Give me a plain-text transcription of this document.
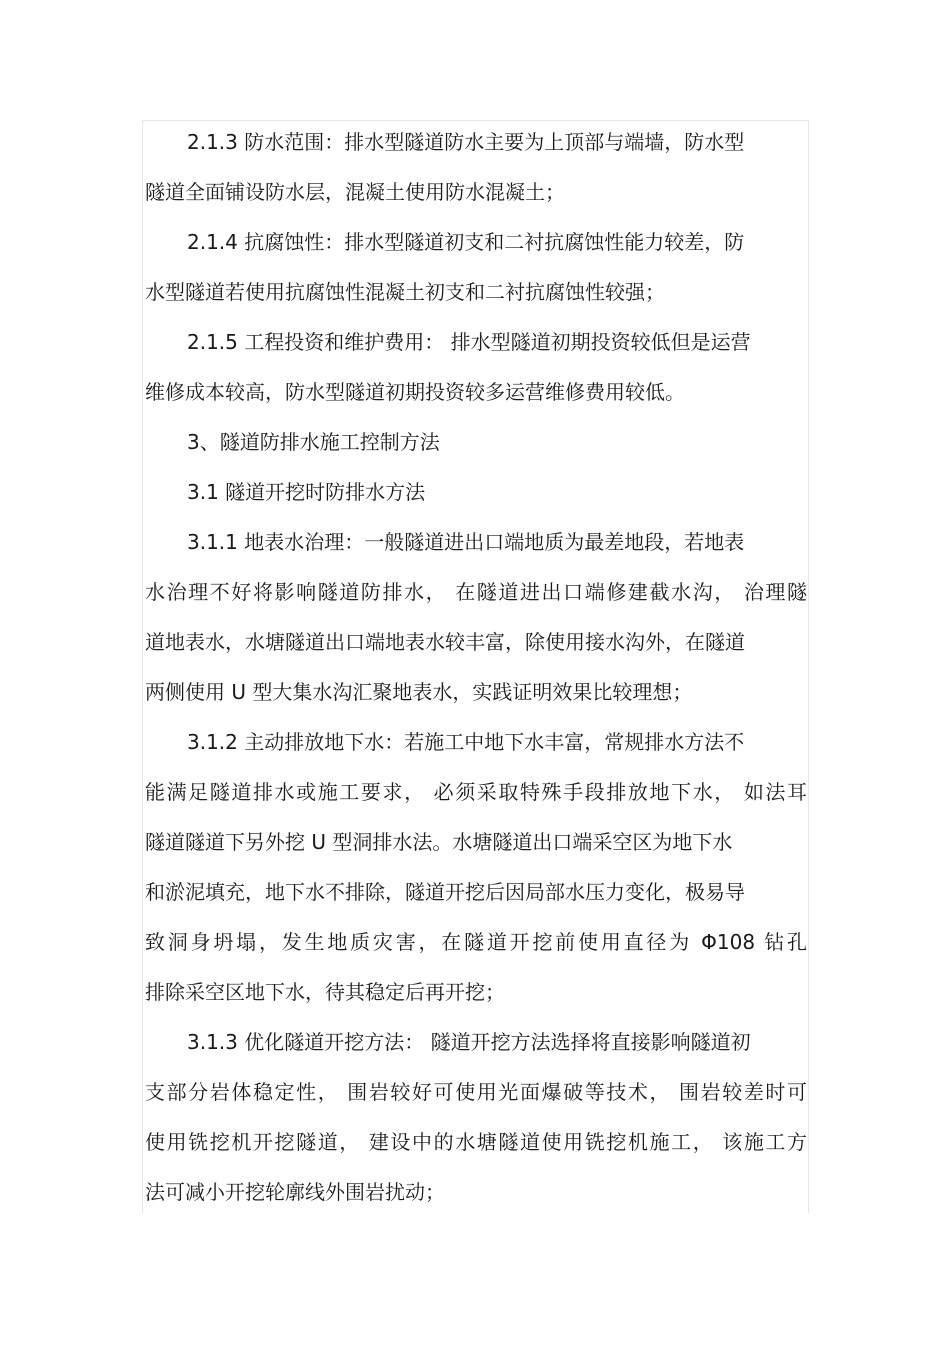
2.1.3 防水范围：排水型隧道防水主要为上顶部与端墙，防水型
隧道全面铺设防水层，混凝土使用防水混凝土；
2.1.4 抗腐蚀性：排水型隧道初支和二衬抗腐蚀性能力较差，防
水型隧道若使用抗腐蚀性混凝土初支和二衬抗腐蚀性较强；
2.1.5 工程投资和维护费用： 排水型隧道初期投资较低但是运营
维修成本较高，防水型隧道初期投资较多运营维修费用较低。
3、隧道防排水施工控制方法
3.1 隧道开挖时防排水方法
3.1.1 地表水治理：一般隧道进出口端地质为最差地段，若地表
水治理不好将影响隧道防排水， 在隧道进出口端修建截水沟， 治理隧
道地表水，水塘隧道出口端地表水较丰富，除使用接水沟外，在隧道
两侧使用 U 型大集水沟汇聚地表水，实践证明效果比较理想；
3.1.2 主动排放地下水：若施工中地下水丰富，常规排水方法不
能满足隧道排水或施工要求， 必须采取特殊手段排放地下水， 如法耳
隧道隧道下另外挖 U 型洞排水法。水塘隧道出口端采空区为地下水
和淤泥填充，地下水不排除，隧道开挖后因局部水压力变化，极易导
致洞身坍塌，发生地质灾害，在隧道开挖前使用直径为 Φ108 钻孔
排除采空区地下水，待其稳定后再开挖；
3.1.3 优化隧道开挖方法： 隧道开挖方法选择将直接影响隧道初
支部分岩体稳定性， 围岩较好可使用光面爆破等技术， 围岩较差时可
使用铣挖机开挖隧道， 建设中的水塘隧道使用铣挖机施工， 该施工方
法可减小开挖轮廓线外围岩扰动；
